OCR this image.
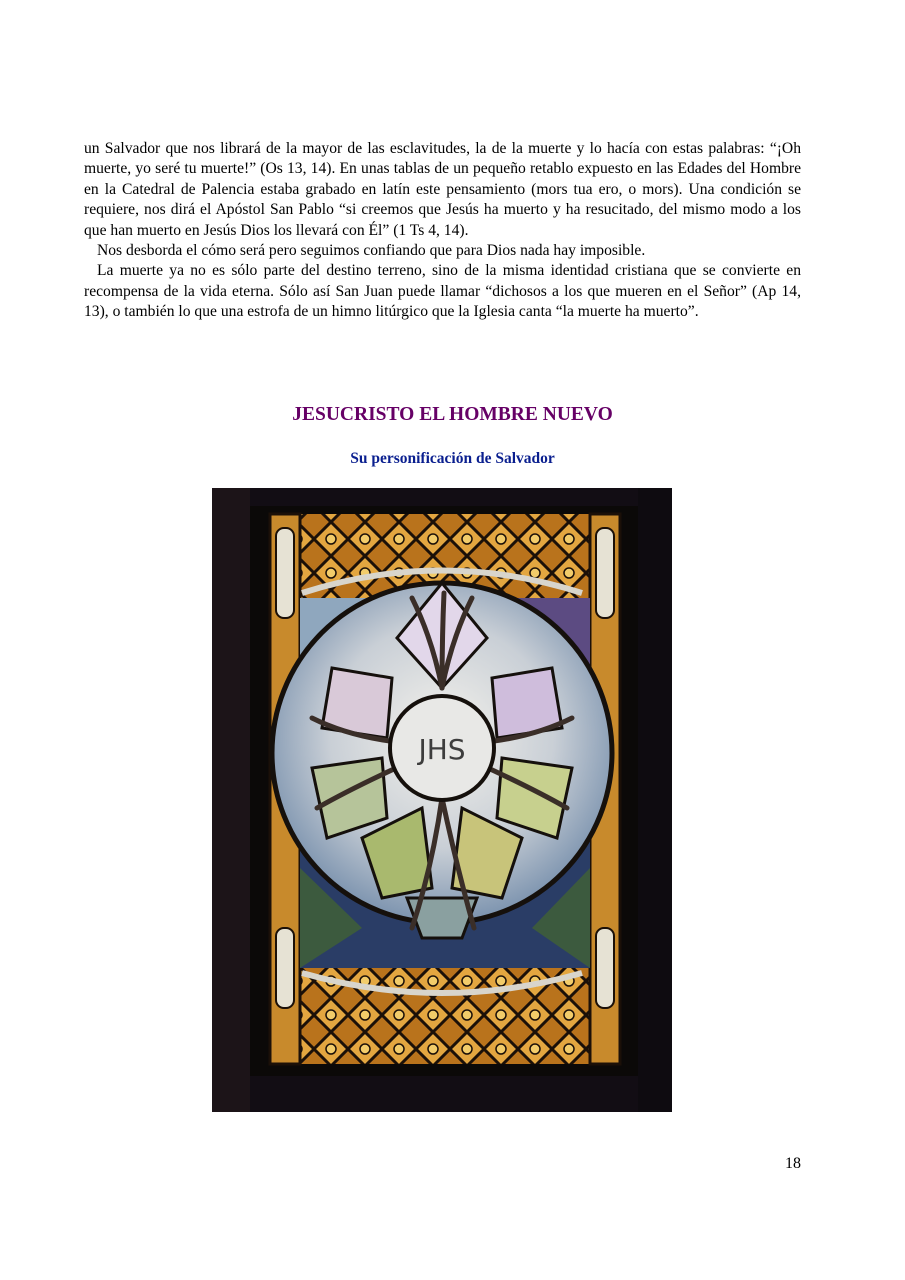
un Salvador que nos librará de la mayor de las esclavitudes, la de la muerte y lo hacía con estas palabras: “¡Oh muerte, yo seré tu muerte!” (Os 13, 14). En unas tablas de un pequeño retablo expuesto en las Edades del Hombre en la Catedral de Palencia estaba grabado en latín este pensamiento (mors tua ero, o mors). Una condición se requiere, nos dirá el Apóstol San Pablo “si creemos que Jesús ha muerto y ha resucitado, del mismo modo a los que han muerto en Jesús Dios los llevará con Él” (1 Ts 4, 14).

Nos desborda el cómo será pero seguimos confiando que para Dios nada hay imposible.

La muerte ya no es sólo parte del destino terreno, sino de la misma identidad cristiana que se convierte en recompensa de la vida eterna. Sólo así San Juan puede llamar “dichosos a los que mueren en el Señor” (Ap 14, 13), o también lo que una estrofa de un himno litúrgico que la Iglesia canta “la muerte ha muerto”.

JESUCRISTO EL HOMBRE NUEVO
Su personificación de Salvador
JHS
18
